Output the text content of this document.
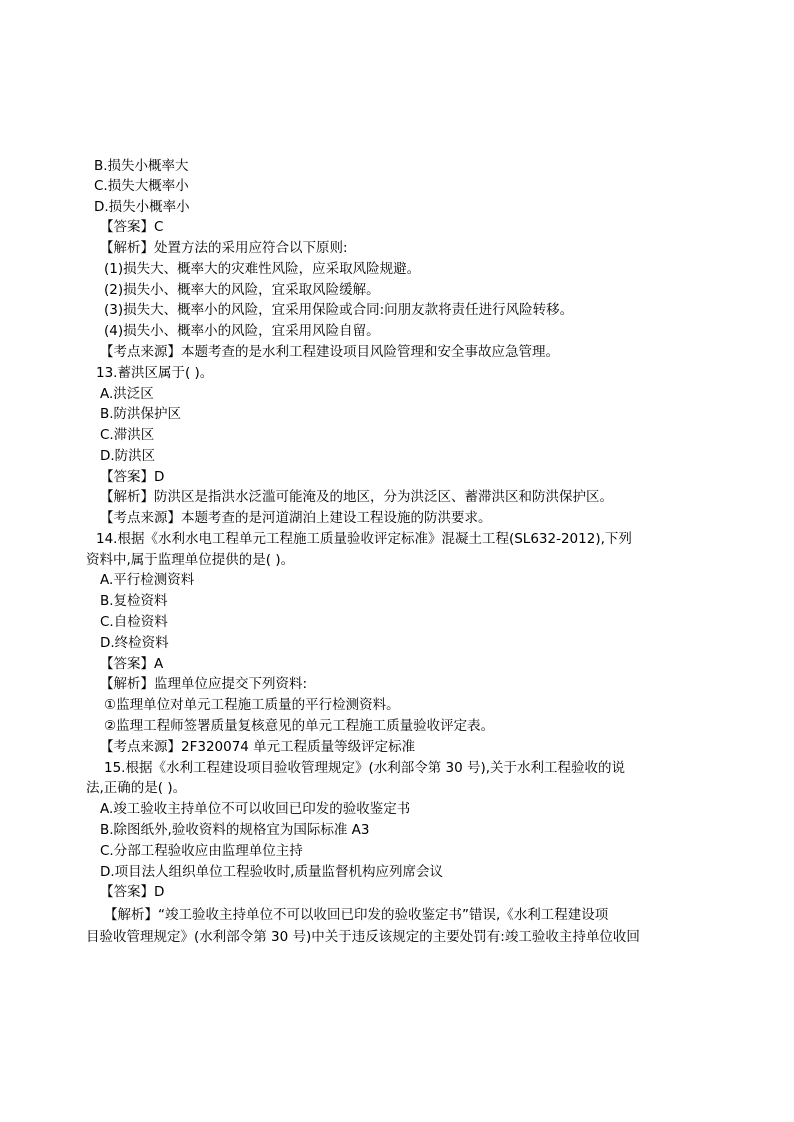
B.损失小概率大
C.损失大概率小
D.损失小概率小
【答案】C
【解析】处置方法的采用应符合以下原则:
(1)损失大、概率大的灾难性风险，应采取风险规避。
(2)损失小、概率大的风险，宜采取风险缓解。
(3)损失大、概率小的风险，宜采用保险或合同:问朋友款将责任进行风险转移。
(4)损失小、概率小的风险，宜采用风险自留。
【考点来源】本题考查的是水利工程建设项目风险管理和安全事故应急管理。
13.蓄洪区属于( )。
A.洪泛区
B.防洪保护区
C.滞洪区
D.防洪区
【答案】D
【解析】防洪区是指洪水泛滥可能淹及的地区，分为洪泛区、蓄滞洪区和防洪保护区。
【考点来源】本题考查的是河道湖泊上建设工程设施的防洪要求。
14.根据《水利水电工程单元工程施工质量验收评定标准》混凝土工程(SL632-2012),下列
资料中,属于监理单位提供的是( )。
A.平行检测资料
B.复检资料
C.自检资料
D.终检资料
【答案】A
【解析】监理单位应提交下列资料:
①监理单位对单元工程施工质量的平行检测资料。
②监理工程师签署质量复核意见的单元工程施工质量验收评定表。
【考点来源】2F320074 单元工程质量等级评定标准
15.根据《水利工程建设项目验收管理规定》(水利部令第 30 号),关于水利工程验收的说
法,正确的是( )。
A.竣工验收主持单位不可以收回已印发的验收鉴定书
B.除图纸外,验收资料的规格宜为国际标准 A3
C.分部工程验收应由监理单位主持
D.项目法人组织单位工程验收时,质量监督机构应列席会议
【答案】D
【解析】“竣工验收主持单位不可以收回已印发的验收鉴定书”错误,《水利工程建设项
目验收管理规定》(水利部令第 30 号)中关于违反该规定的主要处罚有:竣工验收主持单位收回
